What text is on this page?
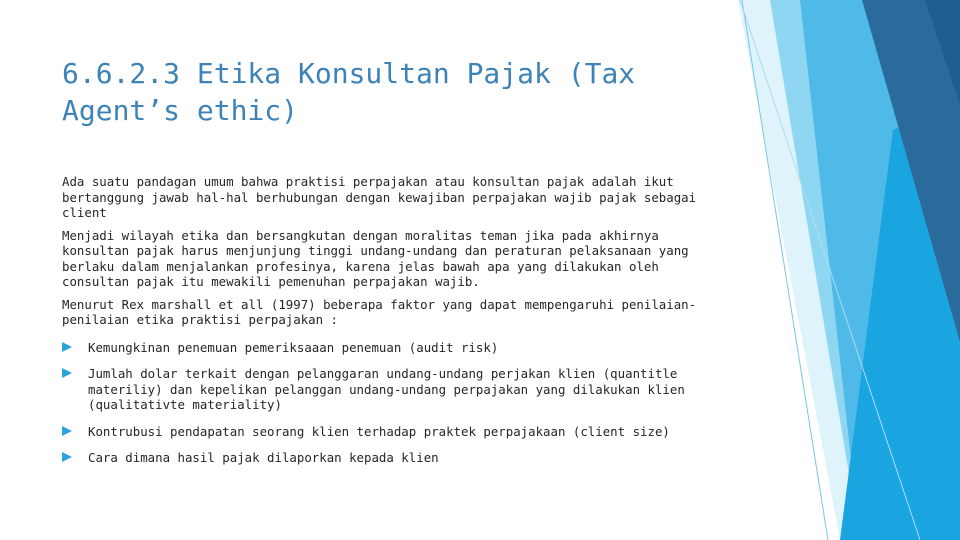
6.6.2.3 Etika Konsultan Pajak (Tax Agent’s ethic)

Ada suatu pandagan umum bahwa praktisi perpajakan atau konsultan pajak adalah ikut bertanggung jawab hal-hal berhubungan dengan kewajiban perpajakan wajib pajak sebagai client

Menjadi wilayah etika dan bersangkutan dengan moralitas teman jika pada akhirnya konsultan pajak harus menjunjung tinggi undang-undang dan peraturan pelaksanaan yang berlaku dalam menjalankan profesinya, karena jelas bawah apa yang dilakukan oleh consultan pajak itu mewakili pemenuhan perpajakan wajib.

Menurut Rex marshall et all (1997) beberapa faktor yang dapat mempengaruhi penilaian-penilaian etika praktisi perpajakan :

Kemungkinan penemuan pemeriksaaan penemuan (audit risk)
Jumlah dolar terkait dengan pelanggaran undang-undang perjakan klien (quantitle materiliy) dan kepelikan pelanggan undang-undang perpajakan yang dilakukan klien (qualitativte materiality)
Kontrubusi pendapatan seorang klien terhadap praktek perpajakaan (client size)
Cara dimana hasil pajak dilaporkan kepada klien
